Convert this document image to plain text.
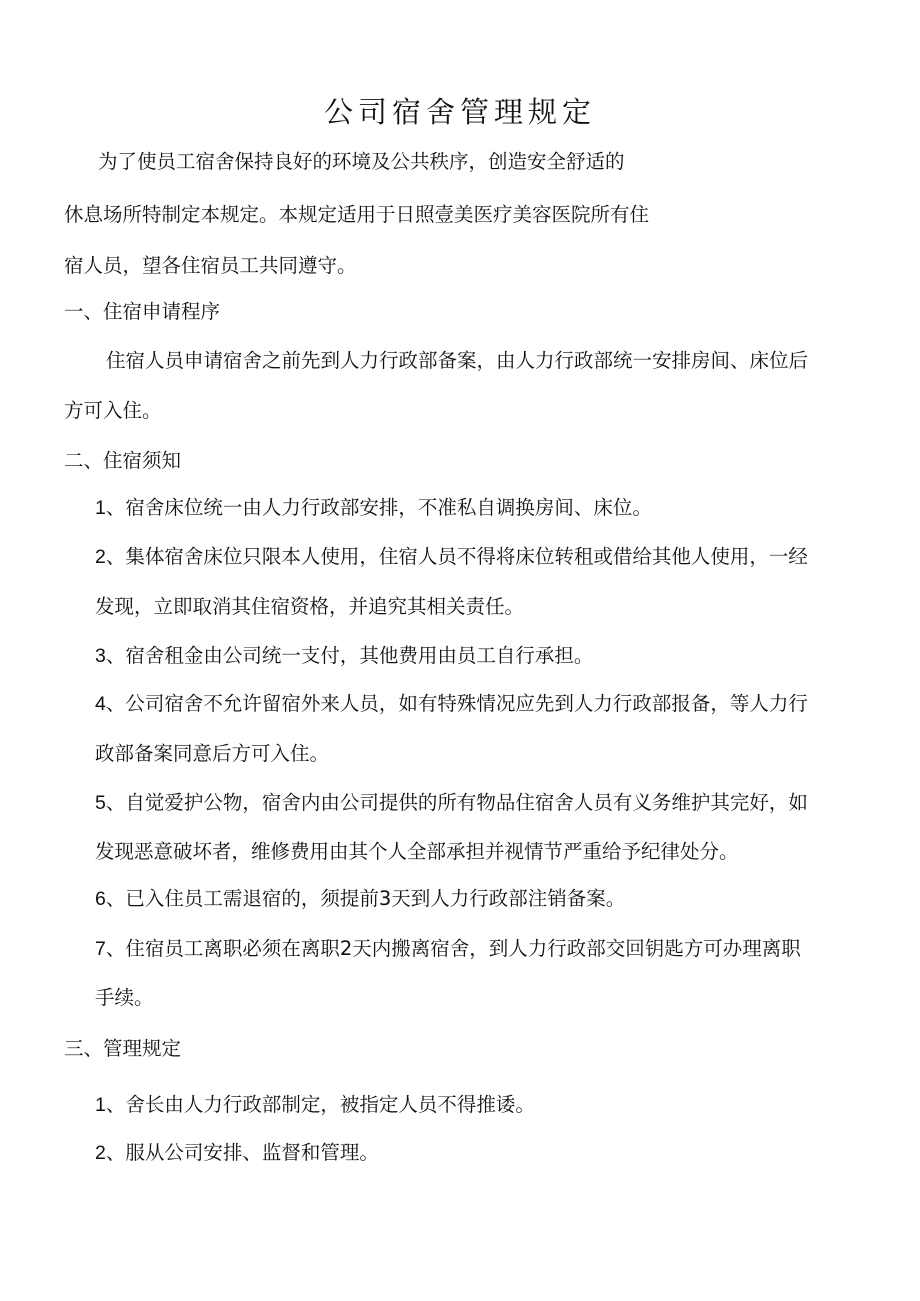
公司宿舍管理规定
为了使员工宿舍保持良好的环境及公共秩序，创造安全舒适的
休息场所特制定本规定。本规定适用于日照壹美医疗美容医院所有住
宿人员，望各住宿员工共同遵守。
一、住宿申请程序
住宿人员申请宿舍之前先到人力行政部备案，由人力行政部统一安排房间、床位后
方可入住。
二、住宿须知
1、宿舍床位统一由人力行政部安排，不准私自调换房间、床位。
2、集体宿舍床位只限本人使用，住宿人员不得将床位转租或借给其他人使用，一经
发现，立即取消其住宿资格，并追究其相关责任。
3、宿舍租金由公司统一支付，其他费用由员工自行承担。
4、公司宿舍不允许留宿外来人员，如有特殊情况应先到人力行政部报备，等人力行
政部备案同意后方可入住。
5、自觉爱护公物，宿舍内由公司提供的所有物品住宿舍人员有义务维护其完好，如
发现恶意破坏者，维修费用由其个人全部承担并视情节严重给予纪律处分。
6、已入住员工需退宿的，须提前3天到人力行政部注销备案。
7、住宿员工离职必须在离职2天内搬离宿舍，到人力行政部交回钥匙方可办理离职
手续。
三、管理规定
1、舍长由人力行政部制定，被指定人员不得推诿。
2、服从公司安排、监督和管理。
